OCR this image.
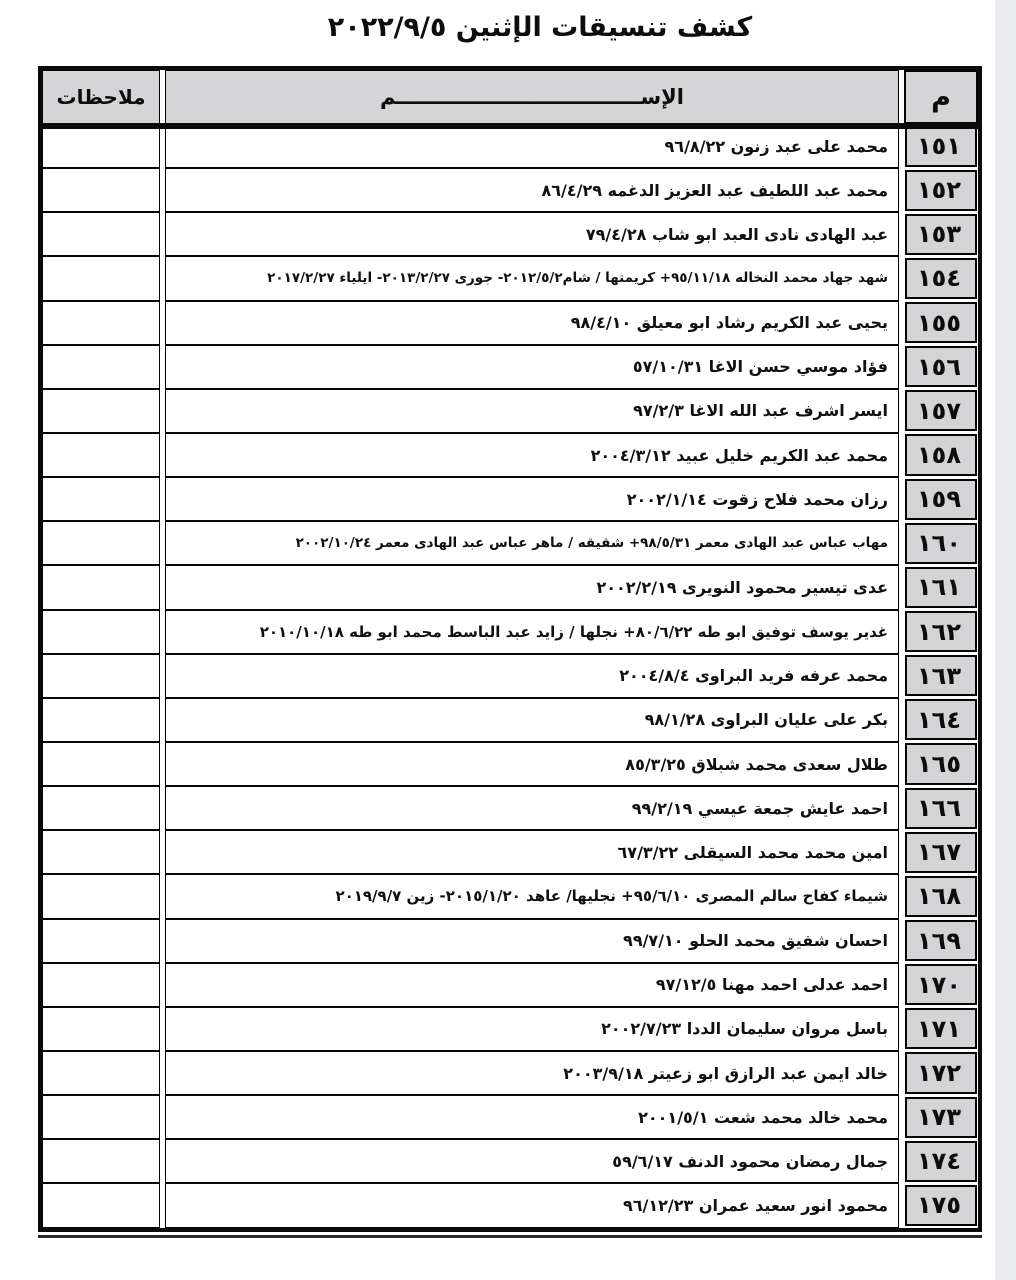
كشف تنسيقات الإثنين ٢٠٢٢/٩/٥
م
الإســــــــــــــــــــــــــــــــــم
ملاحظات
١٥١
محمد على عبد زنون ٩٦/٨/٢٢
١٥٢
محمد عبد اللطيف عبد العزيز الدغمه ٨٦/٤/٢٩
١٥٣
عبد الهادى نادى العبد ابو شاب ٧٩/٤/٢٨
١٥٤
شهد جهاد محمد النخاله ٩٥/١١/١٨+ كريمتها / شام٢٠١٢/٥/٢- جورى ٢٠١٣/٢/٢٧- ايلياء ٢٠١٧/٢/٢٧
١٥٥
يحيى عبد الكريم رشاد ابو معيلق ٩٨/٤/١٠
١٥٦
فؤاد موسي حسن الاغا ٥٧/١٠/٣١
١٥٧
ايسر اشرف عبد الله الاغا ٩٧/٢/٣
١٥٨
محمد عبد الكريم خليل عبيد ٢٠٠٤/٣/١٢
١٥٩
رزان محمد فلاح زقوت ٢٠٠٢/١/١٤
١٦٠
مهاب عباس عبد الهادى معمر ٩٨/٥/٣١+ شقيقه / ماهر عباس عبد الهادى معمر ٢٠٠٢/١٠/٢٤
١٦١
عدى تيسير محمود النويرى ٢٠٠٢/٢/١٩
١٦٢
غدير يوسف توفيق ابو طه ٨٠/٦/٢٢+ نجلها / زايد عبد الباسط محمد ابو طه ٢٠١٠/١٠/١٨
١٦٣
محمد عرفه فريد البراوى ٢٠٠٤/٨/٤
١٦٤
بكر على عليان البراوى ٩٨/١/٢٨
١٦٥
طلال سعدى محمد شبلاق ٨٥/٣/٢٥
١٦٦
احمد عايش جمعة عيسي ٩٩/٢/١٩
١٦٧
امين محمد محمد السيقلى ٦٧/٣/٢٢
١٦٨
شيماء كفاح سالم المصرى ٩٥/٦/١٠+ نجليها/ عاهد ٢٠١٥/١/٢٠- زين ٢٠١٩/٩/٧
١٦٩
احسان شفيق محمد الحلو ٩٩/٧/١٠
١٧٠
احمد عدلى احمد مهنا ٩٧/١٢/٥
١٧١
باسل مروان سليمان الددا ٢٠٠٢/٧/٢٣
١٧٢
خالد ايمن عبد الرازق ابو زعيتر ٢٠٠٣/٩/١٨
١٧٣
محمد خالد محمد شعت ٢٠٠١/٥/١
١٧٤
جمال رمضان محمود الدنف ٥٩/٦/١٧
١٧٥
محمود انور سعيد عمران ٩٦/١٢/٢٣
